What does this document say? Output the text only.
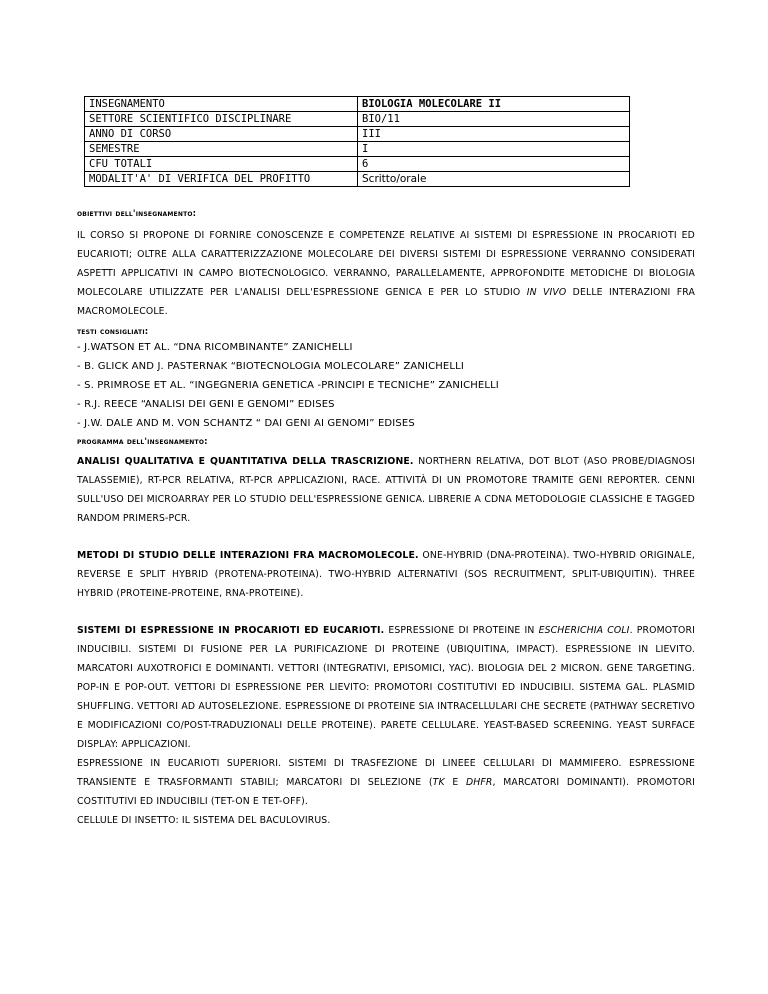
INSEGNAMENTO	BIOLOGIA MOLECOLARE II
SETTORE SCIENTIFICO DISCIPLINARE	BIO/11
ANNO DI CORSO	III
SEMESTRE	I
CFU TOTALI	6
MODALIT'A' DI VERIFICA DEL PROFITTO	Scritto/orale
obiettivi dell'insegnamento:
IL CORSO SI PROPONE DI FORNIRE CONOSCENZE E COMPETENZE RELATIVE AI SISTEMI DI ESPRESSIONE IN PROCARIOTI ED EUCARIOTI; OLTRE ALLA CARATTERIZZAZIONE MOLECOLARE DEI DIVERSI SISTEMI DI ESPRESSIONE VERRANNO CONSIDERATI ASPETTI APPLICATIVI IN CAMPO BIOTECNOLOGICO. VERRANNO, PARALLELAMENTE, APPROFONDITE METODICHE DI BIOLOGIA MOLECOLARE UTILIZZATE PER L'ANALISI DELL'ESPRESSIONE GENICA E PER LO STUDIO IN VIVO DELLE INTERAZIONI FRA MACROMOLECOLE.
testi consigliati:
- J.WATSON ET AL. “DNA RICOMBINANTE” ZANICHELLI
- B. GLICK AND J. PASTERNAK “BIOTECNOLOGIA MOLECOLARE” ZANICHELLI
- S. PRIMROSE ET AL. “INGEGNERIA GENETICA -PRINCIPI E TECNICHE” ZANICHELLI
- R.J. REECE “ANALISI DEI GENI E GENOMI” EDISES
- J.W. DALE AND M. VON SCHANTZ “ DAI GENI AI GENOMI” EDISES
programma dell'insegnamento:
ANALISI QUALITATIVA E QUANTITATIVA DELLA TRASCRIZIONE. NORTHERN RELATIVA, DOT BLOT (ASO PROBE/DIAGNOSI TALASSEMIE), RT-PCR RELATIVA, RT-PCR APPLICAZIONI, RACE. ATTIVITÀ DI UN PROMOTORE TRAMITE GENI REPORTER. CENNI SULL'USO DEI MICROARRAY PER LO STUDIO DELL'ESPRESSIONE GENICA. LIBRERIE A CDNA METODOLOGIE CLASSICHE E TAGGED RANDOM PRIMERS-PCR.
METODI DI STUDIO DELLE INTERAZIONI FRA MACROMOLECOLE. ONE-HYBRID (DNA-PROTEINA). TWO-HYBRID ORIGINALE, REVERSE E SPLIT HYBRID (PROTENA-PROTEINA). TWO-HYBRID ALTERNATIVI (SOS RECRUITMENT, SPLIT-UBIQUITIN). THREE HYBRID (PROTEINE-PROTEINE, RNA-PROTEINE).
SISTEMI DI ESPRESSIONE IN PROCARIOTI ED EUCARIOTI. ESPRESSIONE DI PROTEINE IN ESCHERICHIA COLI. PROMOTORI INDUCIBILI. SISTEMI DI FUSIONE PER LA PURIFICAZIONE DI PROTEINE (UBIQUITINA, IMPACT). ESPRESSIONE IN LIEVITO. MARCATORI AUXOTROFICI E DOMINANTI. VETTORI (INTEGRATIVI, EPISOMICI, YAC). BIOLOGIA DEL 2 MICRON. GENE TARGETING. POP-IN E POP-OUT. VETTORI DI ESPRESSIONE PER LIEVITO: PROMOTORI COSTITUTIVI ED INDUCIBILI. SISTEMA GAL. PLASMID SHUFFLING. VETTORI AD AUTOSELEZIONE. ESPRESSIONE DI PROTEINE SIA INTRACELLULARI CHE SECRETE (PATHWAY SECRETIVO E MODIFICAZIONI CO/POST-TRADUZIONALI DELLE PROTEINE). PARETE CELLULARE. YEAST-BASED SCREENING. YEAST SURFACE DISPLAY: APPLICAZIONI.
ESPRESSIONE IN EUCARIOTI SUPERIORI. SISTEMI DI TRASFEZIONE DI LINEEE CELLULARI DI MAMMIFERO. ESPRESSIONE TRANSIENTE E TRASFORMANTI STABILI; MARCATORI DI SELEZIONE (TK E DHFR, MARCATORI DOMINANTI). PROMOTORI COSTITUTIVI ED INDUCIBILI (TET-ON E TET-OFF).
CELLULE DI INSETTO: IL SISTEMA DEL BACULOVIRUS.
